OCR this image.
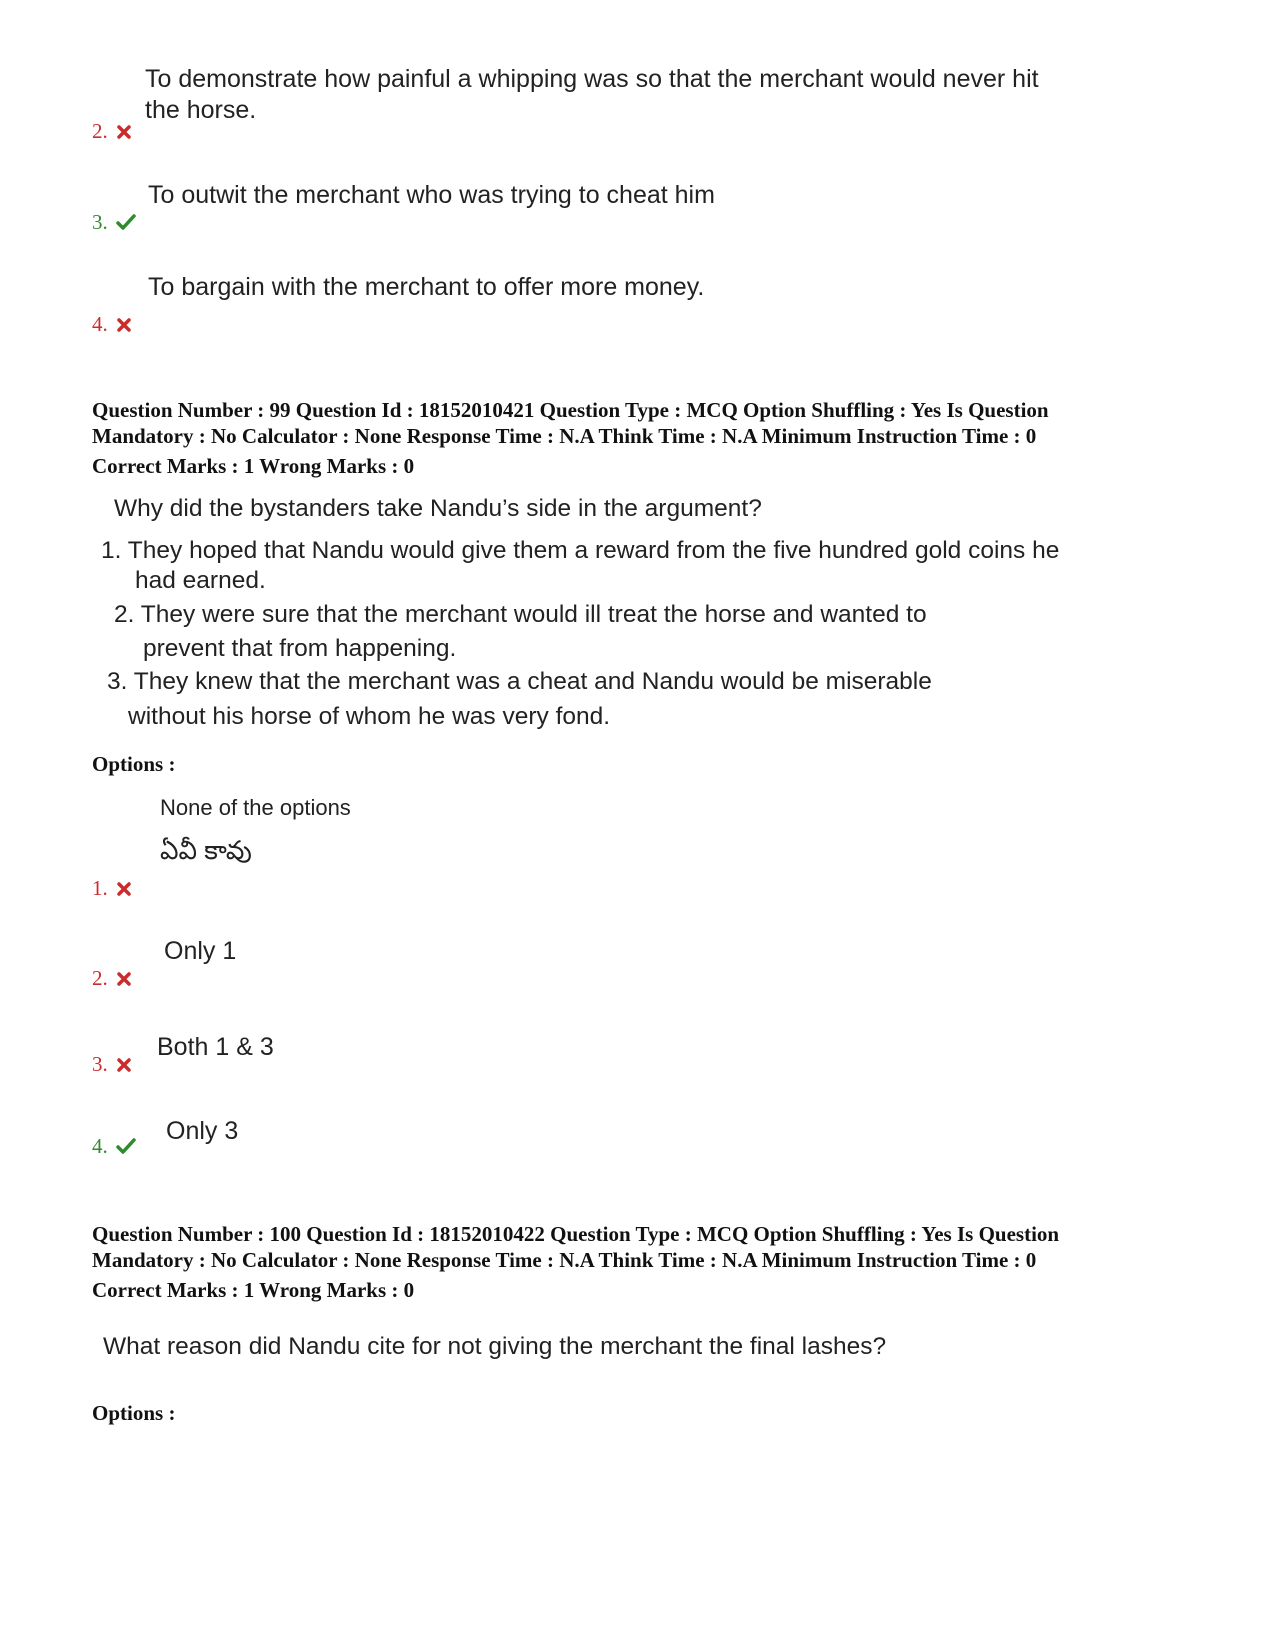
To demonstrate how painful a whipping was so that the merchant would never hit
the horse.
2.
To outwit the merchant who was trying to cheat him
3.
To bargain with the merchant to offer more money.
4.
Question Number : 99 Question Id : 18152010421 Question Type : MCQ Option Shuffling : Yes Is Question
Mandatory : No Calculator : None Response Time : N.A Think Time : N.A Minimum Instruction Time : 0
Correct Marks : 1 Wrong Marks : 0
Why did the bystanders take Nandu’s side in the argument?
1. They hoped that Nandu would give them a reward from the five hundred gold coins he
had earned.
2. They were sure that the merchant would ill treat the horse and wanted to
prevent that from happening.
3. They knew that the merchant was a cheat and Nandu would be miserable
without his horse of whom he was very fond.
Options :
None of the options
ఏవీ కావు
1.
Only 1
2.
Both 1 & 3
3.
Only 3
4.
Question Number : 100 Question Id : 18152010422 Question Type : MCQ Option Shuffling : Yes Is Question
Mandatory : No Calculator : None Response Time : N.A Think Time : N.A Minimum Instruction Time : 0
Correct Marks : 1 Wrong Marks : 0
What reason did Nandu cite for not giving the merchant the final lashes?
Options :
